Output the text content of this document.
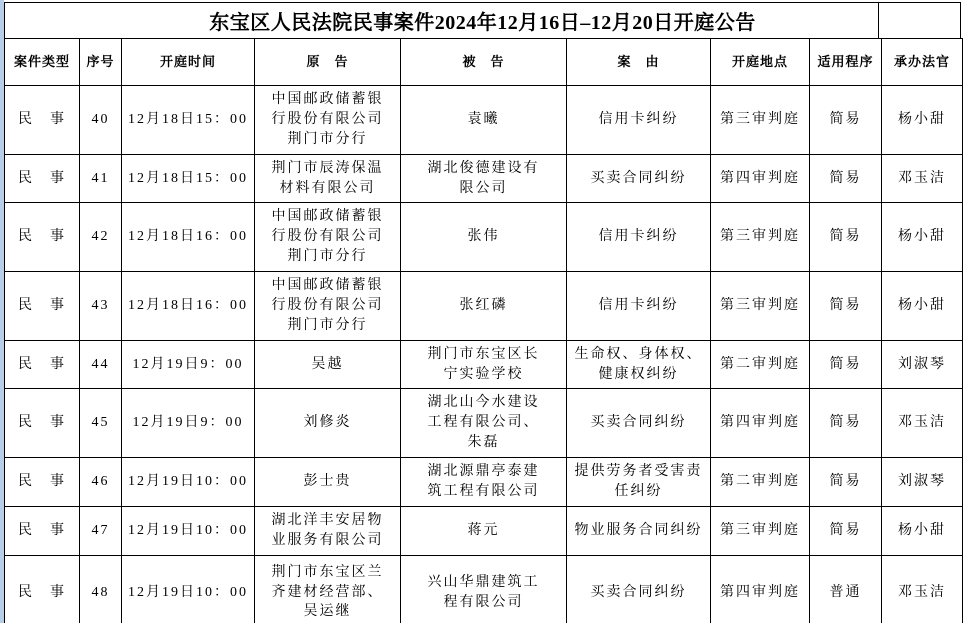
东宝区人民法院民事案件2024年12月16日–12月20日开庭公告
案件类型	序号	开庭时间	原　告	被　告	案　由	开庭地点	适用程序	承办法官
民　事	40	12月18日15：00	中国邮政储蓄银
行股份有限公司
荆门市分行	袁曦	信用卡纠纷	第三审判庭	简易	杨小甜
民　事	41	12月18日15：00	荆门市辰涛保温
材料有限公司	湖北俊德建设有
限公司	买卖合同纠纷	第四审判庭	简易	邓玉洁
民　事	42	12月18日16：00	中国邮政储蓄银
行股份有限公司
荆门市分行	张伟	信用卡纠纷	第三审判庭	简易	杨小甜
民　事	43	12月18日16：00	中国邮政储蓄银
行股份有限公司
荆门市分行	张红磷	信用卡纠纷	第三审判庭	简易	杨小甜
民　事	44	12月19日9：00	吴越	荆门市东宝区长
宁实验学校	生命权、身体权、
健康权纠纷	第二审判庭	简易	刘淑琴
民　事	45	12月19日9：00	刘修炎	湖北山今水建设
工程有限公司、
朱磊	买卖合同纠纷	第四审判庭	简易	邓玉洁
民　事	46	12月19日10：00	彭士贵	湖北源鼎亭泰建
筑工程有限公司	提供劳务者受害责
任纠纷	第二审判庭	简易	刘淑琴
民　事	47	12月19日10：00	湖北洋丰安居物
业服务有限公司	蒋元	物业服务合同纠纷	第三审判庭	简易	杨小甜
民　事	48	12月19日10：00	荆门市东宝区兰
齐建材经营部、
吴运继	兴山华鼎建筑工
程有限公司	买卖合同纠纷	第四审判庭	普通	邓玉洁
